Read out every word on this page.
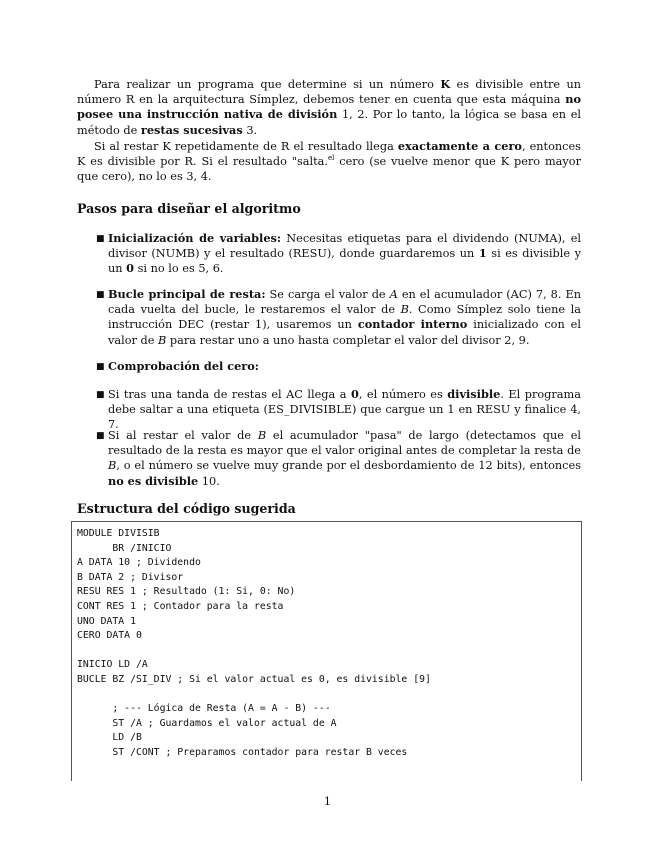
Para realizar un programa que determine si un número K es divisible entre un número R en la arquitectura Símplez, debemos tener en cuenta que esta máquina no posee una instrucción nativa de división 1, 2. Por lo tanto, la lógica se basa en el método de restas sucesivas 3.

Si al restar K repetidamente de R el resultado llega exactamente a cero, entonces K es divisible por R. Si el resultado "salta.$^{el}$ cero (se vuelve menor que K pero mayor que cero), no lo es 3, 4.

Pasos para diseñar el algoritmo

■ Inicialización de variables: Necesitas etiquetas para el dividendo (NUMA), el divisor (NUMB) y el resultado (RESU), donde guardaremos un 1 si es divisible y un 0 si no lo es 5, 6.

■ Bucle principal de resta: Se carga el valor de A en el acumulador (AC) 7, 8. En cada vuelta del bucle, le restaremos el valor de B. Como Símplez solo tiene la instrucción DEC (restar 1), usaremos un contador interno inicializado con el valor de B para restar uno a uno hasta completar el valor del divisor 2, 9.

■ Comprobación del cero:

■ Si tras una tanda de restas el AC llega a 0, el número es divisible. El programa debe saltar a una etiqueta (ES_DIVISIBLE) que cargue un 1 en RESU y finalice 4, 7.

■ Si al restar el valor de B el acumulador "pasa" de largo (detectamos que el resultado de la resta es mayor que el valor original antes de completar la resta de B, o el número se vuelve muy grande por el desbordamiento de 12 bits), entonces no es divisible 10.

Estructura del código sugerida

MODULE DIVISIB
BR /INICIO
A DATA 10 ; Dividendo
B DATA 2 ; Divisor
RESU RES 1 ; Resultado (1: Si, 0: No)
CONT RES 1 ; Contador para la resta
UNO DATA 1
CERO DATA 0

INICIO LD /A
BUCLE BZ /SI_DIV ; Si el valor actual es 0, es divisible [9]

; --- Lógica de Resta (A = A - B) ---
ST /A ; Guardamos el valor actual de A
LD /B
ST /CONT ; Preparamos contador para restar B veces
1
